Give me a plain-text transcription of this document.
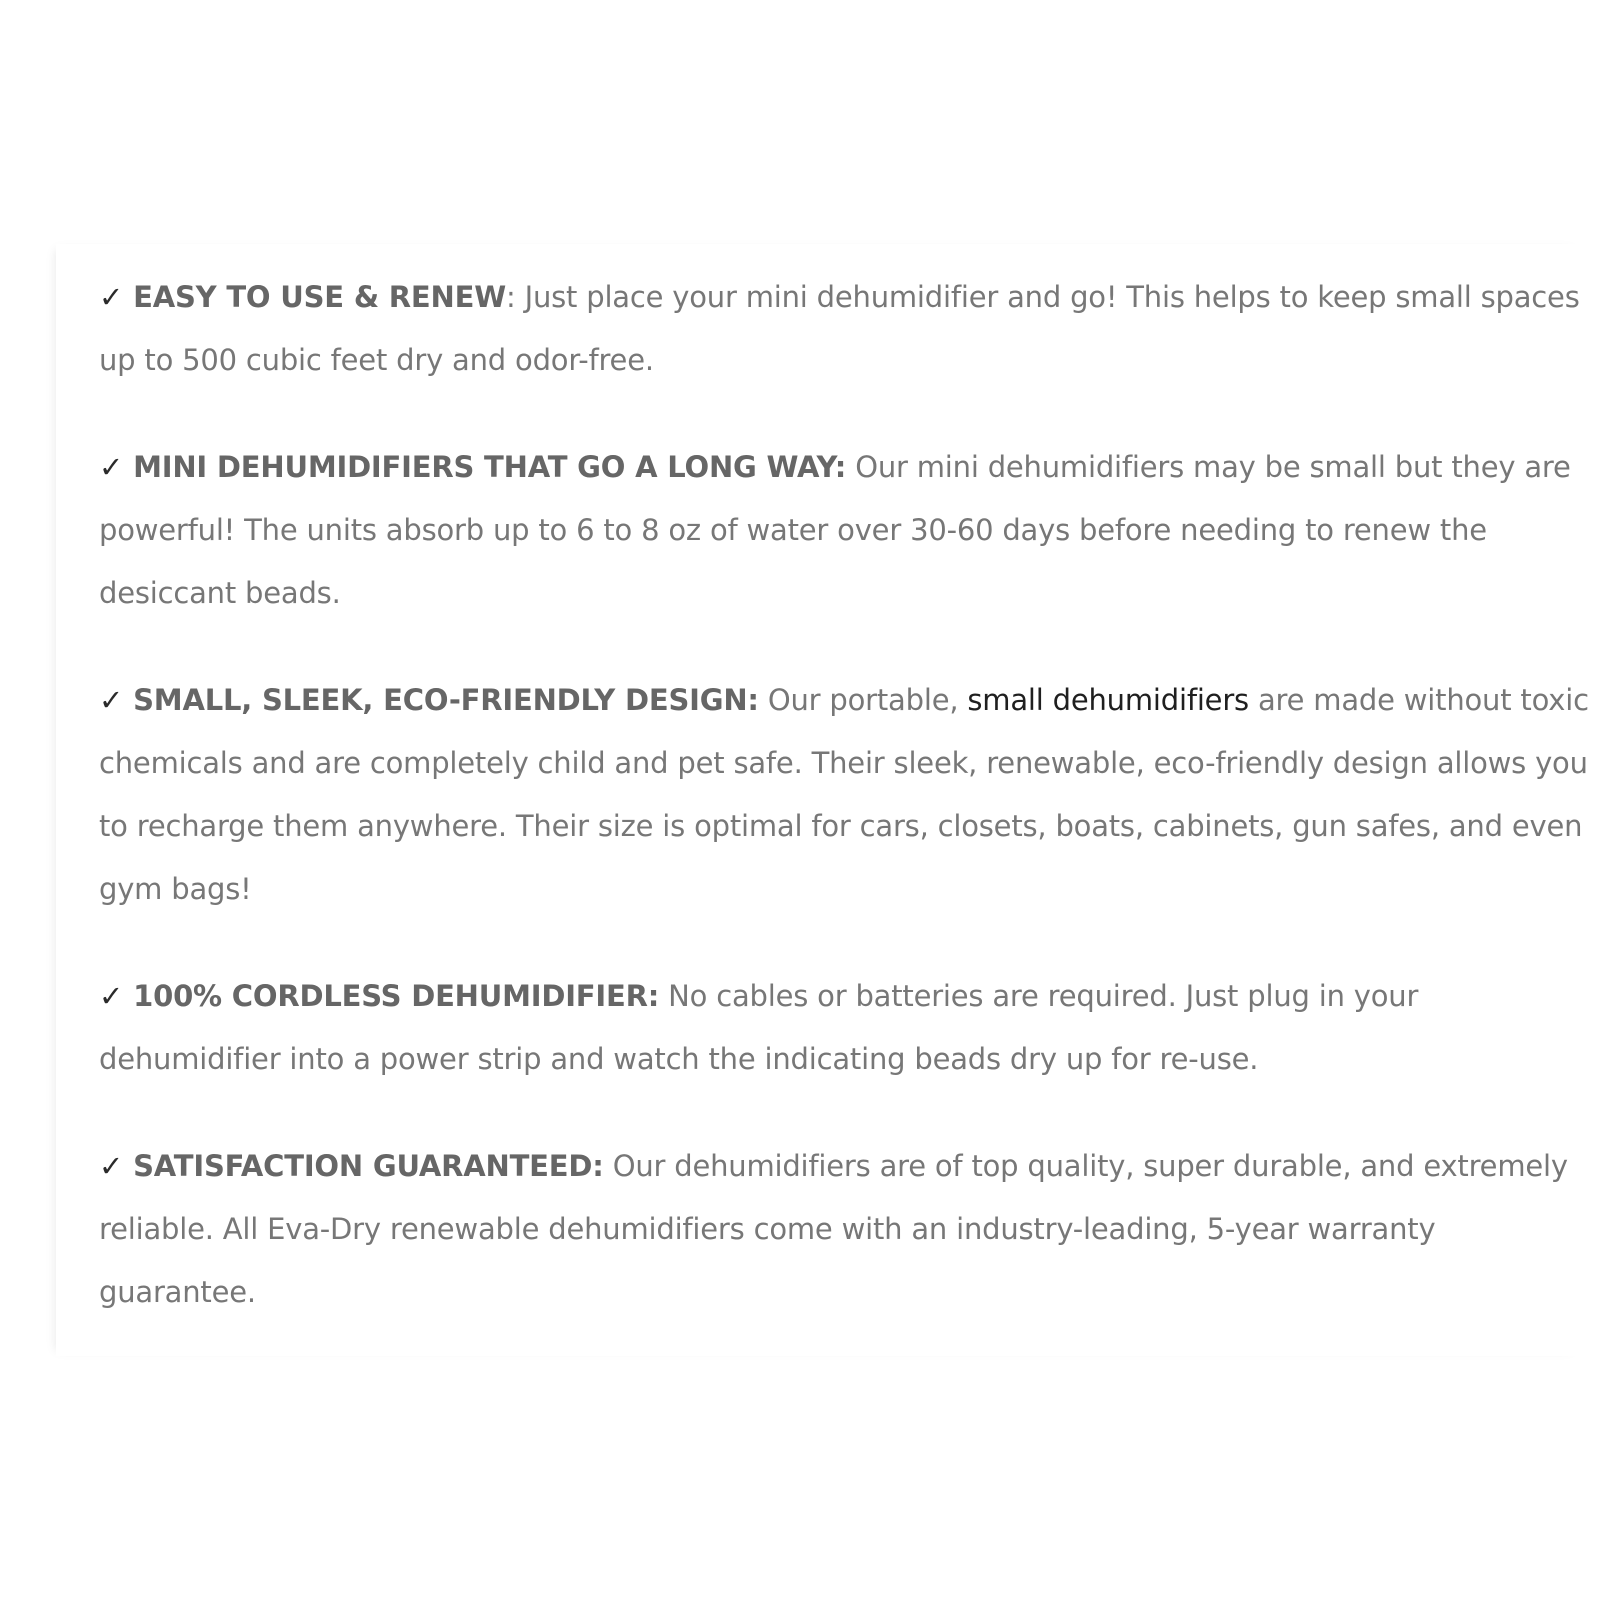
✓ EASY TO USE & RENEW: Just place your mini dehumidifier and go! This helps to keep small spaces up to 500 cubic feet dry and odor-free.

✓ MINI DEHUMIDIFIERS THAT GO A LONG WAY: Our mini dehumidifiers may be small but they are powerful! The units absorb up to 6 to 8 oz of water over 30-60 days before needing to renew the desiccant beads.

✓ SMALL, SLEEK, ECO-FRIENDLY DESIGN: Our portable, small dehumidifiers are made without toxic chemicals and are completely child and pet safe. Their sleek, renewable, eco-friendly design allows you to recharge them anywhere. Their size is optimal for cars, closets, boats, cabinets, gun safes, and even gym bags!

✓ 100% CORDLESS DEHUMIDIFIER: No cables or batteries are required. Just plug in your dehumidifier into a power strip and watch the indicating beads dry up for re-use.

✓ SATISFACTION GUARANTEED: Our dehumidifiers are of top quality, super durable, and extremely reliable. All Eva-Dry renewable dehumidifiers come with an industry-leading, 5-year warranty guarantee.
